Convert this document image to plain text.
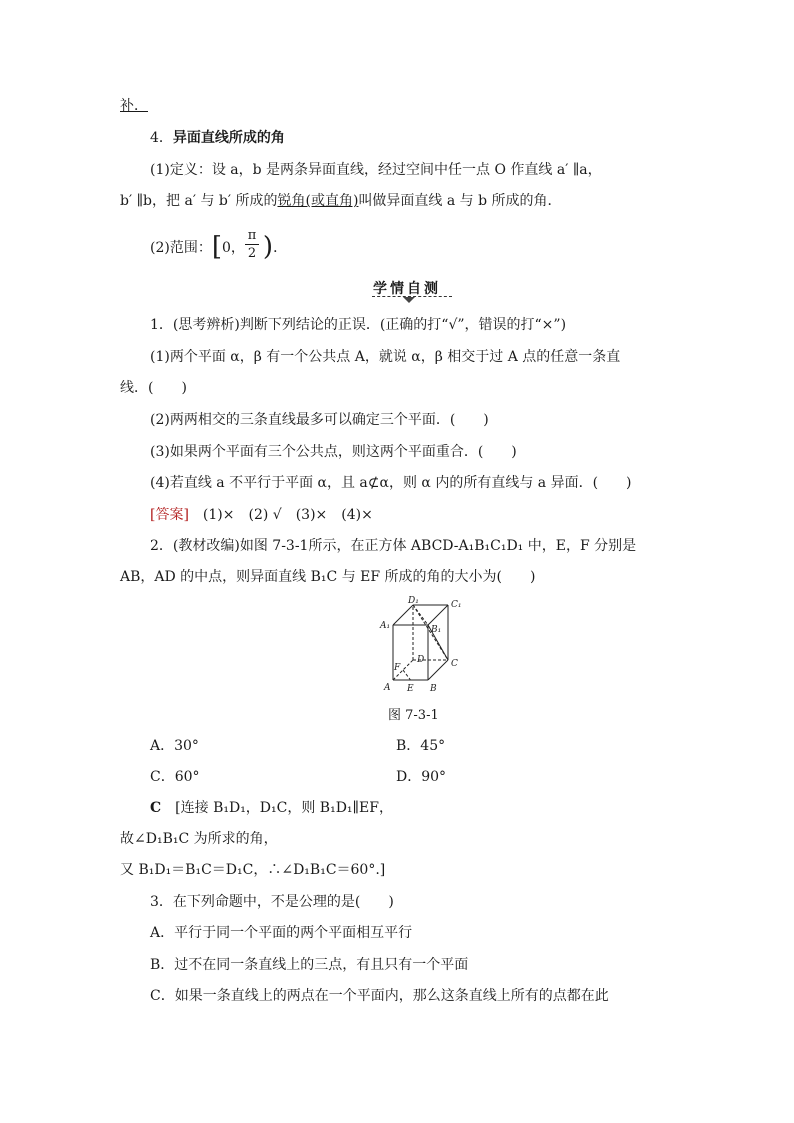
补．
4．异面直线所成的角
(1)定义：设 a，b 是两条异面直线，经过空间中任一点 O 作直线 a′ ∥a，
b′ ∥b，把 a′ 与 b′ 所成的锐角(或直角)叫做异面直线 a 与 b 所成的角．
(2)范围：[0， )．
π
2
学情自测
1．(思考辨析)判断下列结论的正误．(正确的打“√”，错误的打“×”)
(1)两个平面 α，β 有一个公共点 A，就说 α，β 相交于过 A 点的任意一条直
线．(　　)
(2)两两相交的三条直线最多可以确定三个平面．(　　)
(3)如果两个平面有三个公共点，则这两个平面重合．(　　)
(4)若直线 a 不平行于平面 α，且 a⊄α，则 α 内的所有直线与 a 异面．(　　)
[答案]　(1)×　(2) √　(3)×　(4)×
2．(教材改编)如图 7-3-1所示，在正方体 ABCD-A₁B₁C₁D₁ 中，E，F 分别是
AB，AD 的中点，则异面直线 B₁C 与 EF 所成的角的大小为(　　)
D₁	C₁
A₁	B₁
D	C
F
A E B
图 7-3-1
A．30°	B．45°
C．60°	D．90°
C　[连接 B₁D₁，D₁C，则 B₁D₁∥EF，
故∠D₁B₁C 为所求的角，
又 B₁D₁＝B₁C＝D₁C，∴∠D₁B₁C＝60°.]
3．在下列命题中，不是公理的是(　　)
A．平行于同一个平面的两个平面相互平行
B．过不在同一条直线上的三点，有且只有一个平面
C．如果一条直线上的两点在一个平面内，那么这条直线上所有的点都在此
